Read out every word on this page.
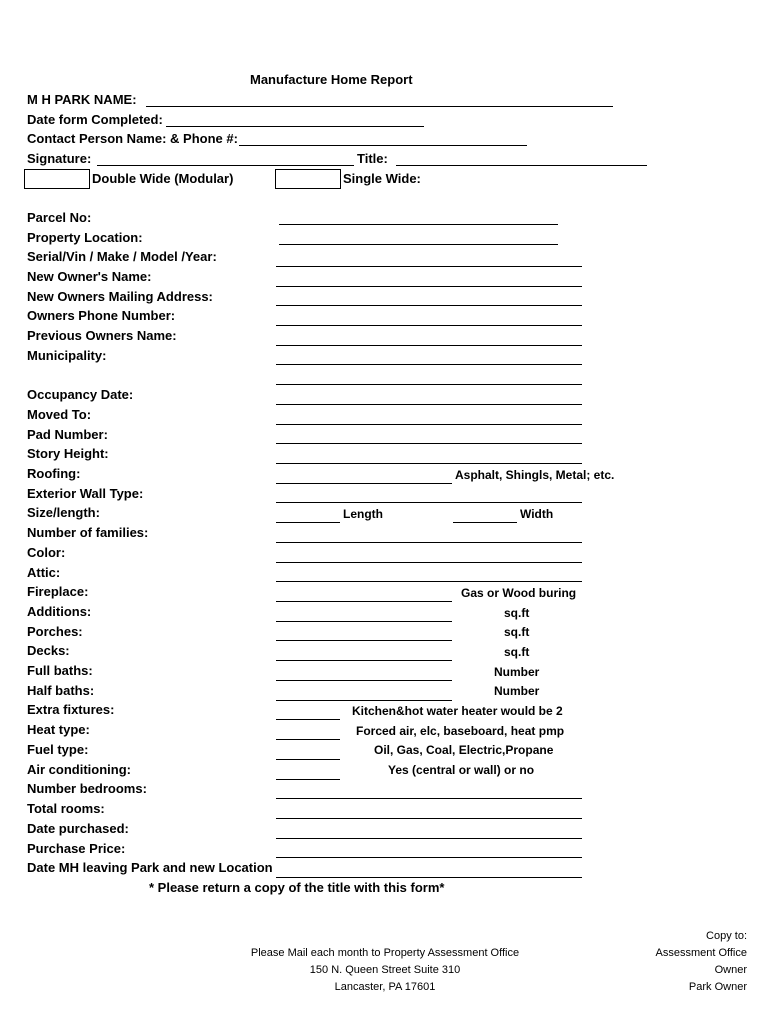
Manufacture Home Report
M H PARK NAME:
Date form Completed:
Contact Person Name: & Phone #:
Signature:	Title:
Double Wide (Modular)	Single Wide:
Parcel No:
Property Location:
Serial/Vin / Make / Model /Year:
New Owner's Name:
New Owners Mailing Address:
Owners Phone Number:
Previous Owners Name:
Municipality:
Occupancy Date:
Moved To:
Pad Number:
Story Height:
Roofing:	Asphalt, Shingls, Metal; etc.
Exterior Wall Type:
Size/length:	Length	Width
Number of families:
Color:
Attic:
Fireplace:	Gas or Wood buring
Additions:	sq.ft
Porches:	sq.ft
Decks:	sq.ft
Full baths:	Number
Half baths:	Number
Extra fixtures:	Kitchen&hot water heater would be 2
Heat type:	Forced air, elc, baseboard, heat pmp
Fuel type:	Oil, Gas, Coal, Electric,Propane
Air conditioning:	Yes (central or wall) or no
Number bedrooms:
Total rooms:
Date purchased:
Purchase Price:
Date MH leaving Park and new Location
* Please return a copy of the title with this form*
Please Mail each month to Property Assessment Office
150 N. Queen Street Suite 310
Lancaster, PA 17601
Copy to:
Assessment Office
Owner
Park Owner
